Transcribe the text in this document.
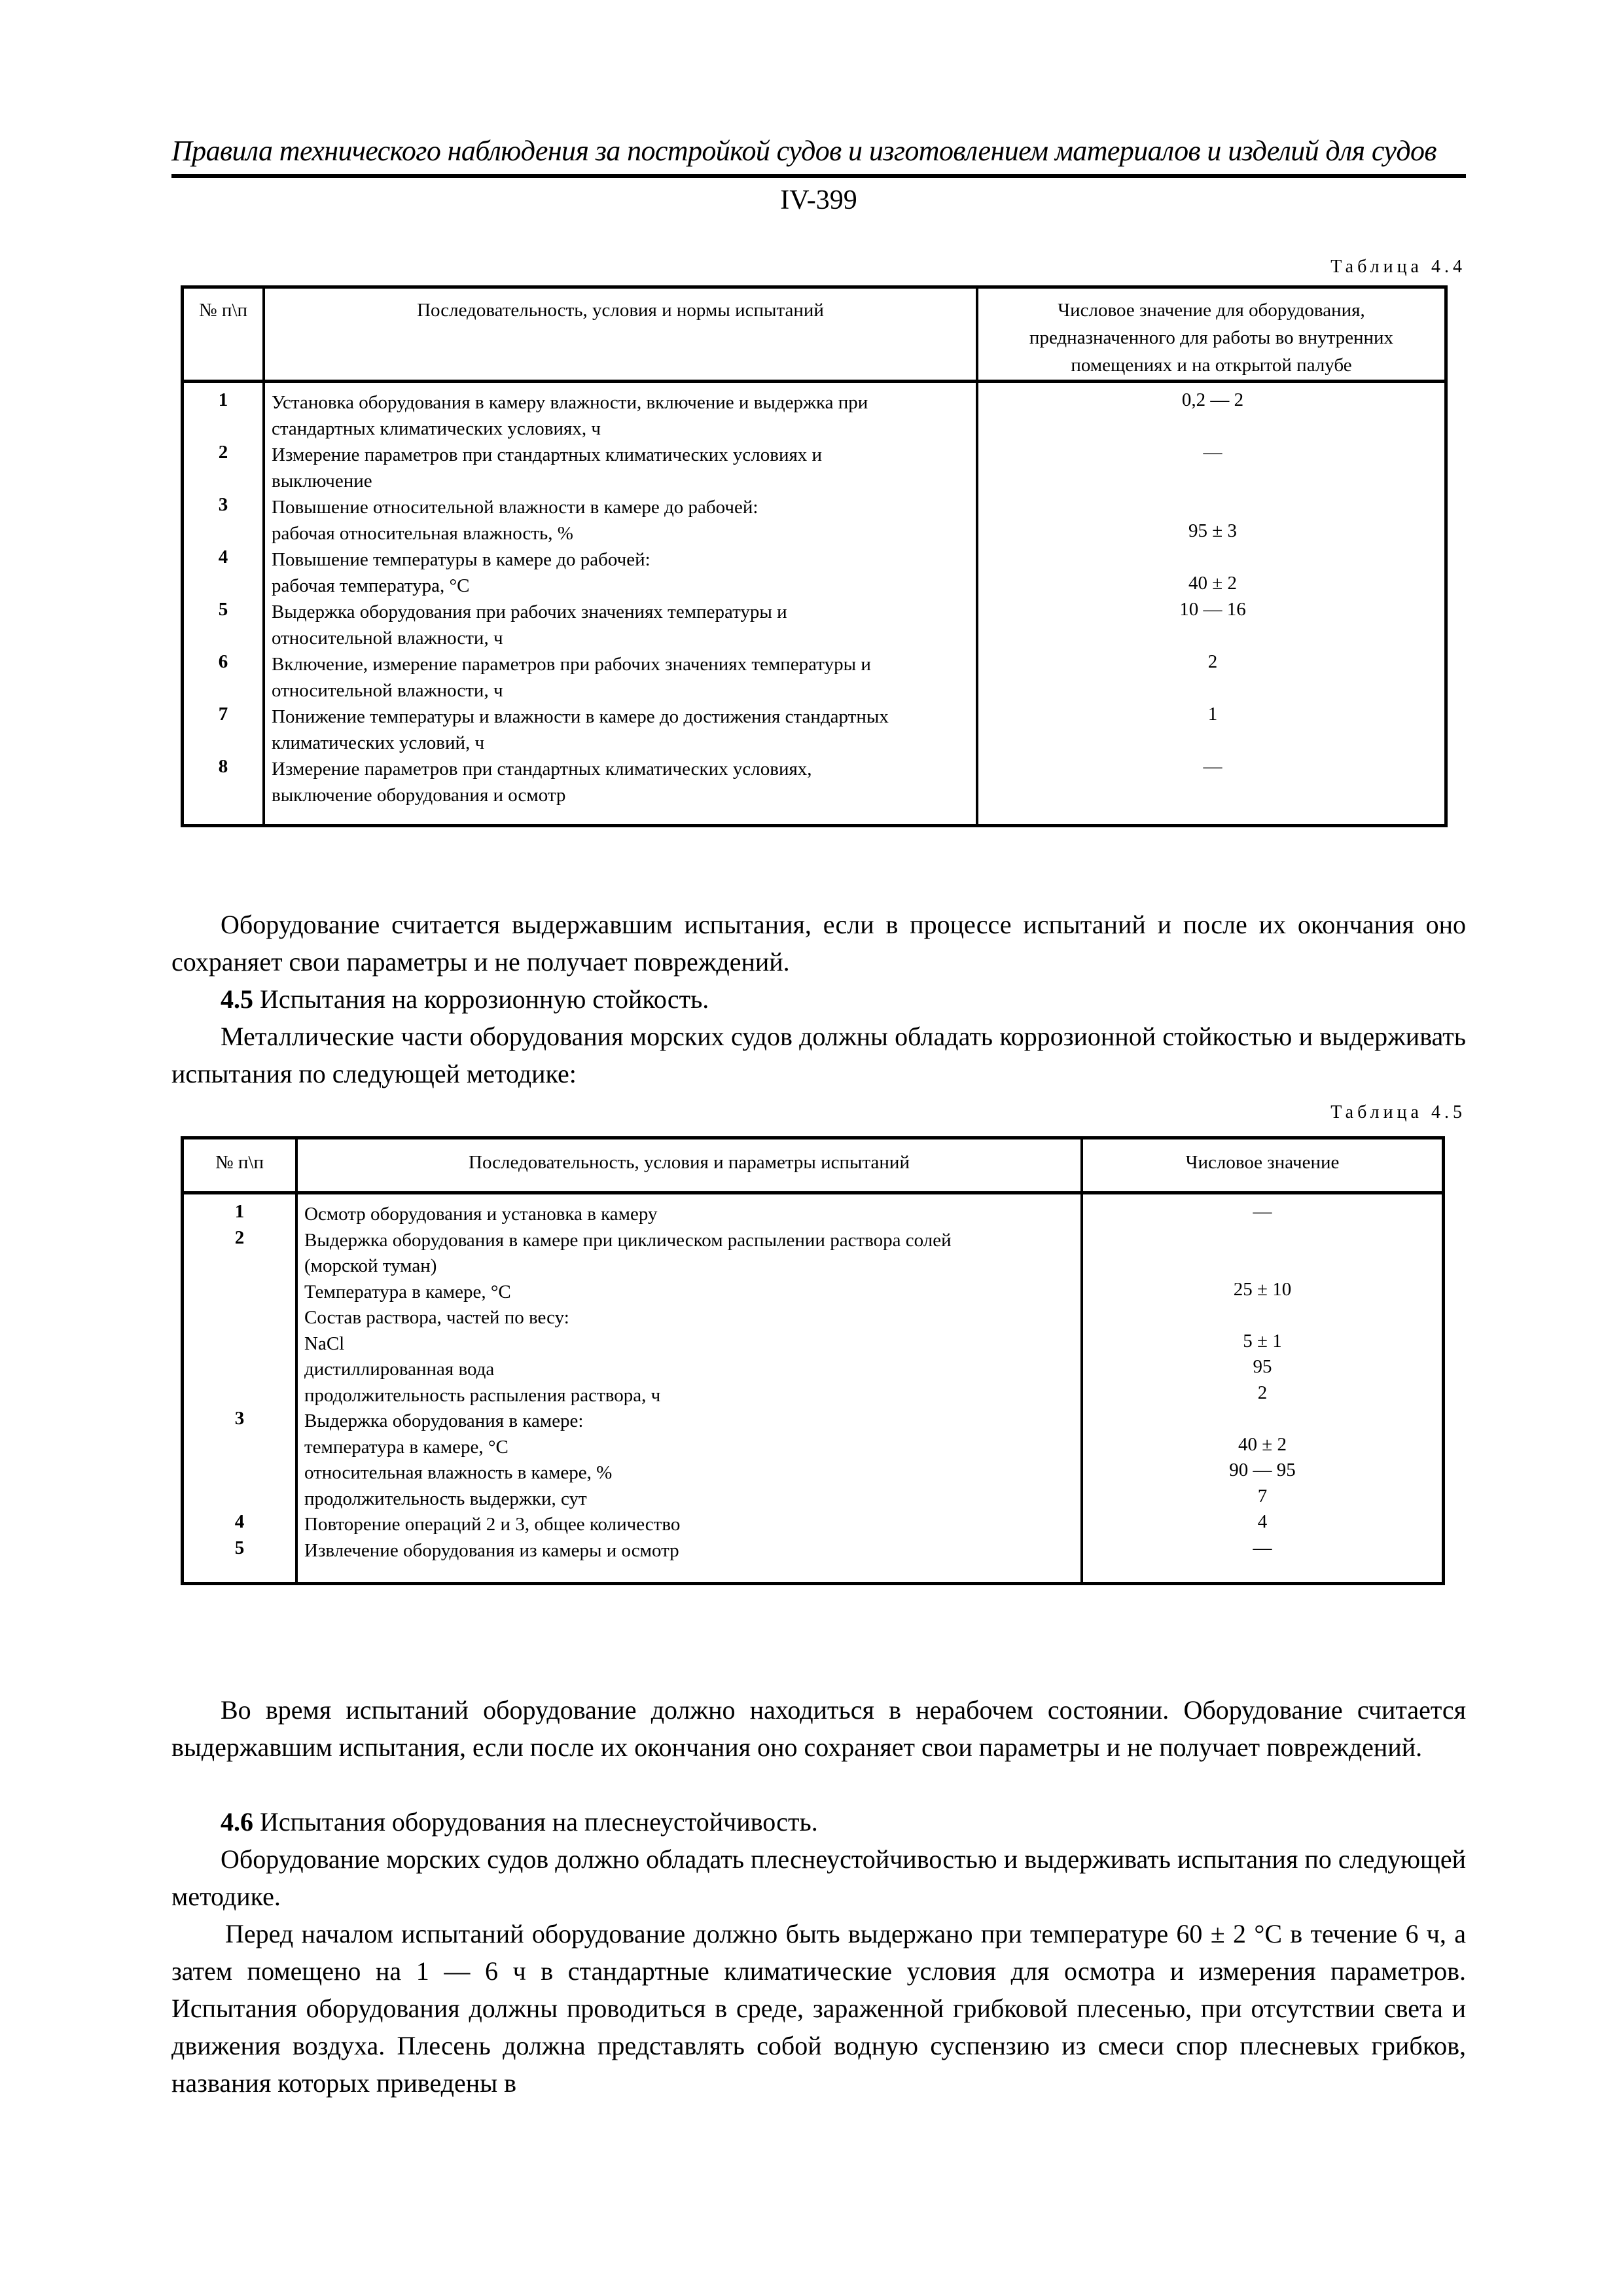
Правила технического наблюдения за постройкой судов и изготовлением материалов и изделий для судов
IV-399
Таблица 4.4
№ п\п	Последовательность, условия и нормы испытаний	Числовое значение для оборудования, предназначенного для работы во внутренних помещениях и на открытой палубе
1	Установка оборудования в камеру влажности, включение и выдержка при
стандартных климатических условиях, ч
0,2 — 2
2	Измерение параметров при стандартных климатических условиях и
выключение
—
3	Повышение относительной влажности в камере до рабочей:
рабочая относительная влажность, %	95 ± 3
4	Повышение температуры в камере до рабочей:
рабочая температура, °С	40 ± 2
5	Выдержка оборудования при рабочих значениях температуры и
относительной влажности, ч
10 — 16
6	Включение, измерение параметров при рабочих значениях температуры и
относительной влажности, ч
2
7	Понижение температуры и влажности в камере до достижения стандартных
климатических условий, ч
1
8	Измерение параметров при стандартных климатических условиях,
выключение оборудования и осмотр
—
Оборудование считается выдержавшим испытания, если в процессе испытаний и после их окончания оно сохраняет свои параметры и не получает повреждений.
4.5 Испытания на коррозионную стойкость.
Металлические части оборудования морских судов должны обладать коррозионной стойкостью и выдерживать испытания по следующей методике:
Таблица 4.5
№ п\п	Последовательность, условия и параметры испытаний	Числовое значение
1	Осмотр оборудования и установка в камеру	—
2	Выдержка оборудования в камере при циклическом распылении раствора солей
(морской туман)
Температура в камере, °С	25 ± 10
Состав раствора, частей по весу:
NaCl	5 ± 1
дистиллированная вода	95
продолжительность распыления раствора, ч	2
3	Выдержка оборудования в камере:
температура в камере, °С	40 ± 2
относительная влажность в камере, %	90 — 95
продолжительность выдержки, сут	7
4	Повторение операций 2 и 3, общее количество	4
5	Извлечение оборудования из камеры и осмотр	—
Во время испытаний оборудование должно находиться в нерабочем состоянии. Оборудование считается выдержавшим испытания, если после их окончания оно сохраняет свои параметры и не получает повреждений.
4.6 Испытания оборудования на плеснеустойчивость.
Оборудование морских судов должно обладать плеснеустойчивостью и выдерживать испытания по следующей методике.
Перед началом испытаний оборудование должно быть выдержано при температуре 60 ± 2 °С в течение 6 ч, а затем помещено на 1 — 6 ч в стандартные климатические условия для осмотра и измерения параметров. Испытания оборудования должны проводиться в среде, зараженной грибковой плесенью, при отсутствии света и движения воздуха. Плесень должна представлять собой водную суспензию из смеси спор плесневых грибков, названия которых приведены в
